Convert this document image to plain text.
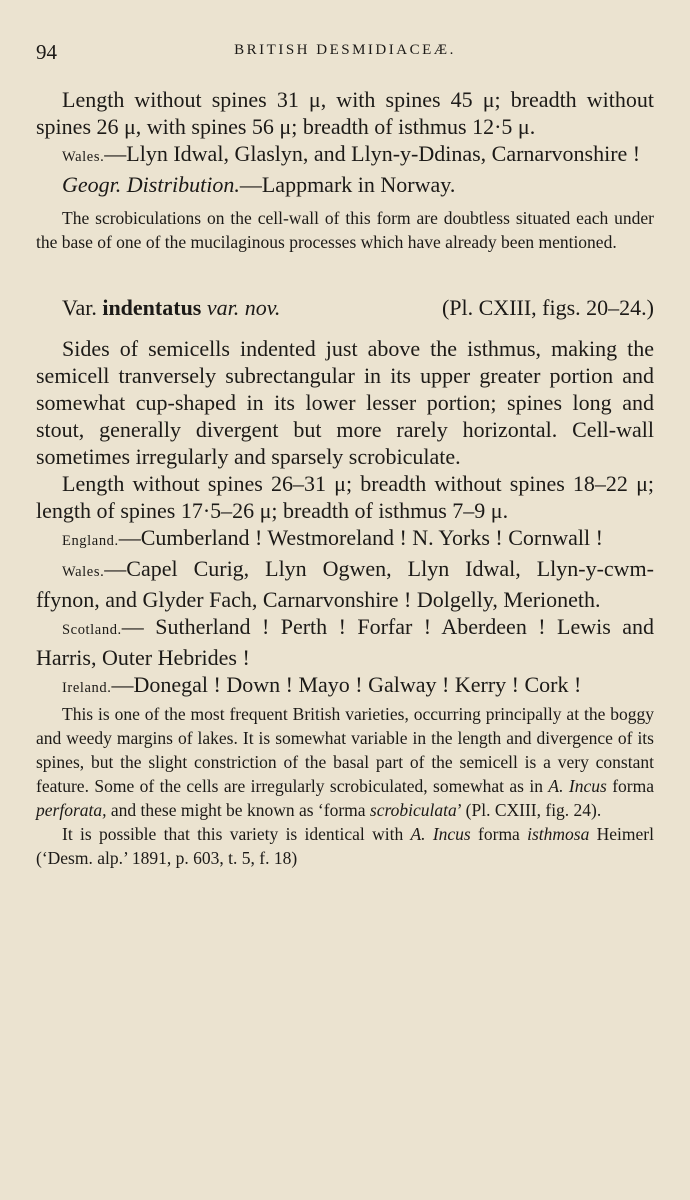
94	BRITISH DESMIDIACEÆ.

Length without spines 31 μ, with spines 45 μ; breadth without spines 26 μ, with spines 56 μ; breadth of isthmus 12·5 μ.

Wales.—Llyn Idwal, Glaslyn, and Llyn-y-Ddinas, Carnarvonshire !

Geogr. Distribution.—Lappmark in Norway.

The scrobiculations on the cell-wall of this form are doubtless situated each under the base of one of the mucilaginous processes which have already been mentioned.

Var. indentatus var. nov.	(Pl. CXIII, figs. 20–24.)

Sides of semicells indented just above the isthmus, making the semicell tranversely subrectangular in its upper greater portion and somewhat cup-shaped in its lower lesser portion; spines long and stout, generally divergent but more rarely horizontal. Cell-wall sometimes irregularly and sparsely scrobiculate.

Length without spines 26–31 μ; breadth without spines 18–22 μ; length of spines 17·5–26 μ; breadth of isthmus 7–9 μ.

England.—Cumberland ! Westmoreland ! N. Yorks ! Cornwall !

Wales.—Capel Curig, Llyn Ogwen, Llyn Idwal, Llyn-y-cwm-ffynon, and Glyder Fach, Carnarvonshire ! Dolgelly, Merioneth.

Scotland.— Sutherland ! Perth ! Forfar ! Aberdeen ! Lewis and Harris, Outer Hebrides !

Ireland.—Donegal ! Down ! Mayo ! Galway ! Kerry ! Cork !

This is one of the most frequent British varieties, occurring principally at the boggy and weedy margins of lakes. It is somewhat variable in the length and divergence of its spines, but the slight constriction of the basal part of the semicell is a very constant feature. Some of the cells are irregularly scrobiculated, somewhat as in A. Incus forma perforata, and these might be known as ‘forma scrobiculata’ (Pl. CXIII, fig. 24).

It is possible that this variety is identical with A. Incus forma isthmosa Heimerl (‘Desm. alp.’ 1891, p. 603, t. 5, f. 18)
